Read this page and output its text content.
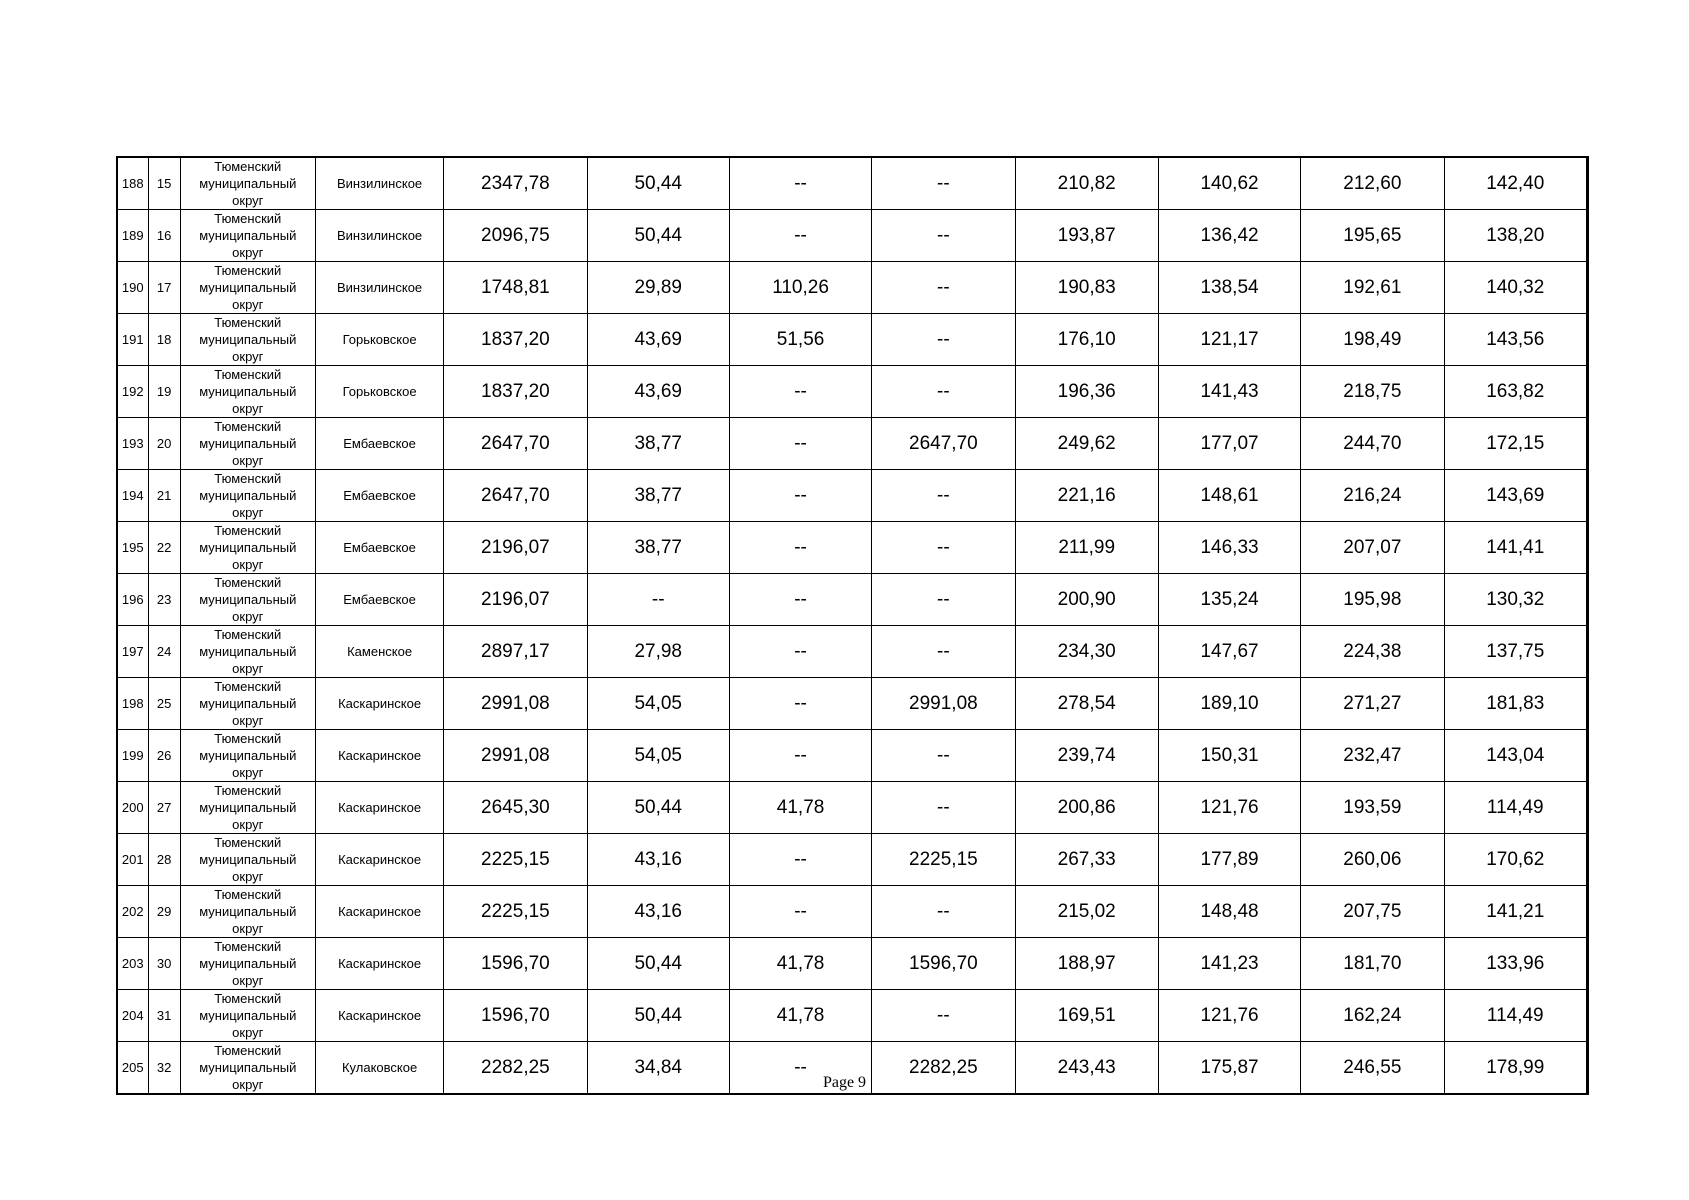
188	15	Тюменский
муниципальный
округ	Винзилинское	2347,78	50,44	--	--	210,82	140,62	212,60	142,40
189	16	Тюменский
муниципальный
округ	Винзилинское	2096,75	50,44	--	--	193,87	136,42	195,65	138,20
190	17	Тюменский
муниципальный
округ	Винзилинское	1748,81	29,89	110,26	--	190,83	138,54	192,61	140,32
191	18	Тюменский
муниципальный
округ	Горьковское	1837,20	43,69	51,56	--	176,10	121,17	198,49	143,56
192	19	Тюменский
муниципальный
округ	Горьковское	1837,20	43,69	--	--	196,36	141,43	218,75	163,82
193	20	Тюменский
муниципальный
округ	Ембаевское	2647,70	38,77	--	2647,70	249,62	177,07	244,70	172,15
194	21	Тюменский
муниципальный
округ	Ембаевское	2647,70	38,77	--	--	221,16	148,61	216,24	143,69
195	22	Тюменский
муниципальный
округ	Ембаевское	2196,07	38,77	--	--	211,99	146,33	207,07	141,41
196	23	Тюменский
муниципальный
округ	Ембаевское	2196,07	--	--	--	200,90	135,24	195,98	130,32
197	24	Тюменский
муниципальный
округ	Каменское	2897,17	27,98	--	--	234,30	147,67	224,38	137,75
198	25	Тюменский
муниципальный
округ	Каскаринское	2991,08	54,05	--	2991,08	278,54	189,10	271,27	181,83
199	26	Тюменский
муниципальный
округ	Каскаринское	2991,08	54,05	--	--	239,74	150,31	232,47	143,04
200	27	Тюменский
муниципальный
округ	Каскаринское	2645,30	50,44	41,78	--	200,86	121,76	193,59	114,49
201	28	Тюменский
муниципальный
округ	Каскаринское	2225,15	43,16	--	2225,15	267,33	177,89	260,06	170,62
202	29	Тюменский
муниципальный
округ	Каскаринское	2225,15	43,16	--	--	215,02	148,48	207,75	141,21
203	30	Тюменский
муниципальный
округ	Каскаринское	1596,70	50,44	41,78	1596,70	188,97	141,23	181,70	133,96
204	31	Тюменский
муниципальный
округ	Каскаринское	1596,70	50,44	41,78	--	169,51	121,76	162,24	114,49
205	32	Тюменский
муниципальный
округ	Кулаковское	2282,25	34,84	--	2282,25	243,43	175,87	246,55	178,99
Page 9
